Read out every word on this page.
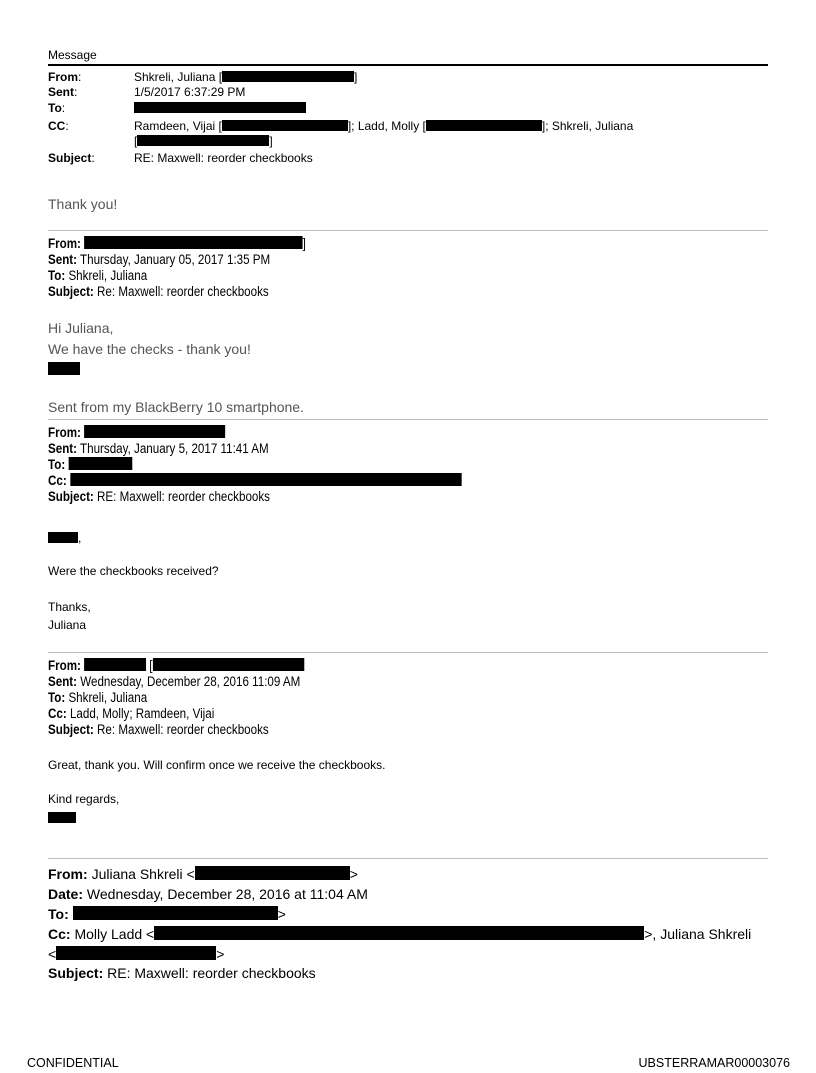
Message
From:	Shkreli, Juliana [	]
Sent:	1/5/2017 6:37:29 PM
To:
CC:	Ramdeen, Vijai [	]; Ladd, Molly [	]; Shkreli, Juliana
[	]
Subject:	RE: Maxwell: reorder checkbooks
Thank you!
From:	]
Sent: Thursday, January 05, 2017 1:35 PM
To: Shkreli, Juliana
Subject: Re: Maxwell: reorder checkbooks
Hi Juliana,
We have the checks - thank you!
Sent from my BlackBerry 10 smartphone.
From:
Sent: Thursday, January 5, 2017 11:41 AM
To:
Cc:
Subject: RE: Maxwell: reorder checkbooks
,
Were the checkbooks received?
Thanks,
Juliana
From:	[
Sent: Wednesday, December 28, 2016 11:09 AM
To: Shkreli, Juliana
Cc: Ladd, Molly; Ramdeen, Vijai
Subject: Re: Maxwell: reorder checkbooks
Great, thank you. Will confirm once we receive the checkbooks.
Kind regards,
From: Juliana Shkreli <	>
Date: Wednesday, December 28, 2016 at 11:04 AM
To:	>
Cc: Molly Ladd <	>, Juliana Shkreli
<	>
Subject: RE: Maxwell: reorder checkbooks
CONFIDENTIAL	UBSTERRAMAR00003076
